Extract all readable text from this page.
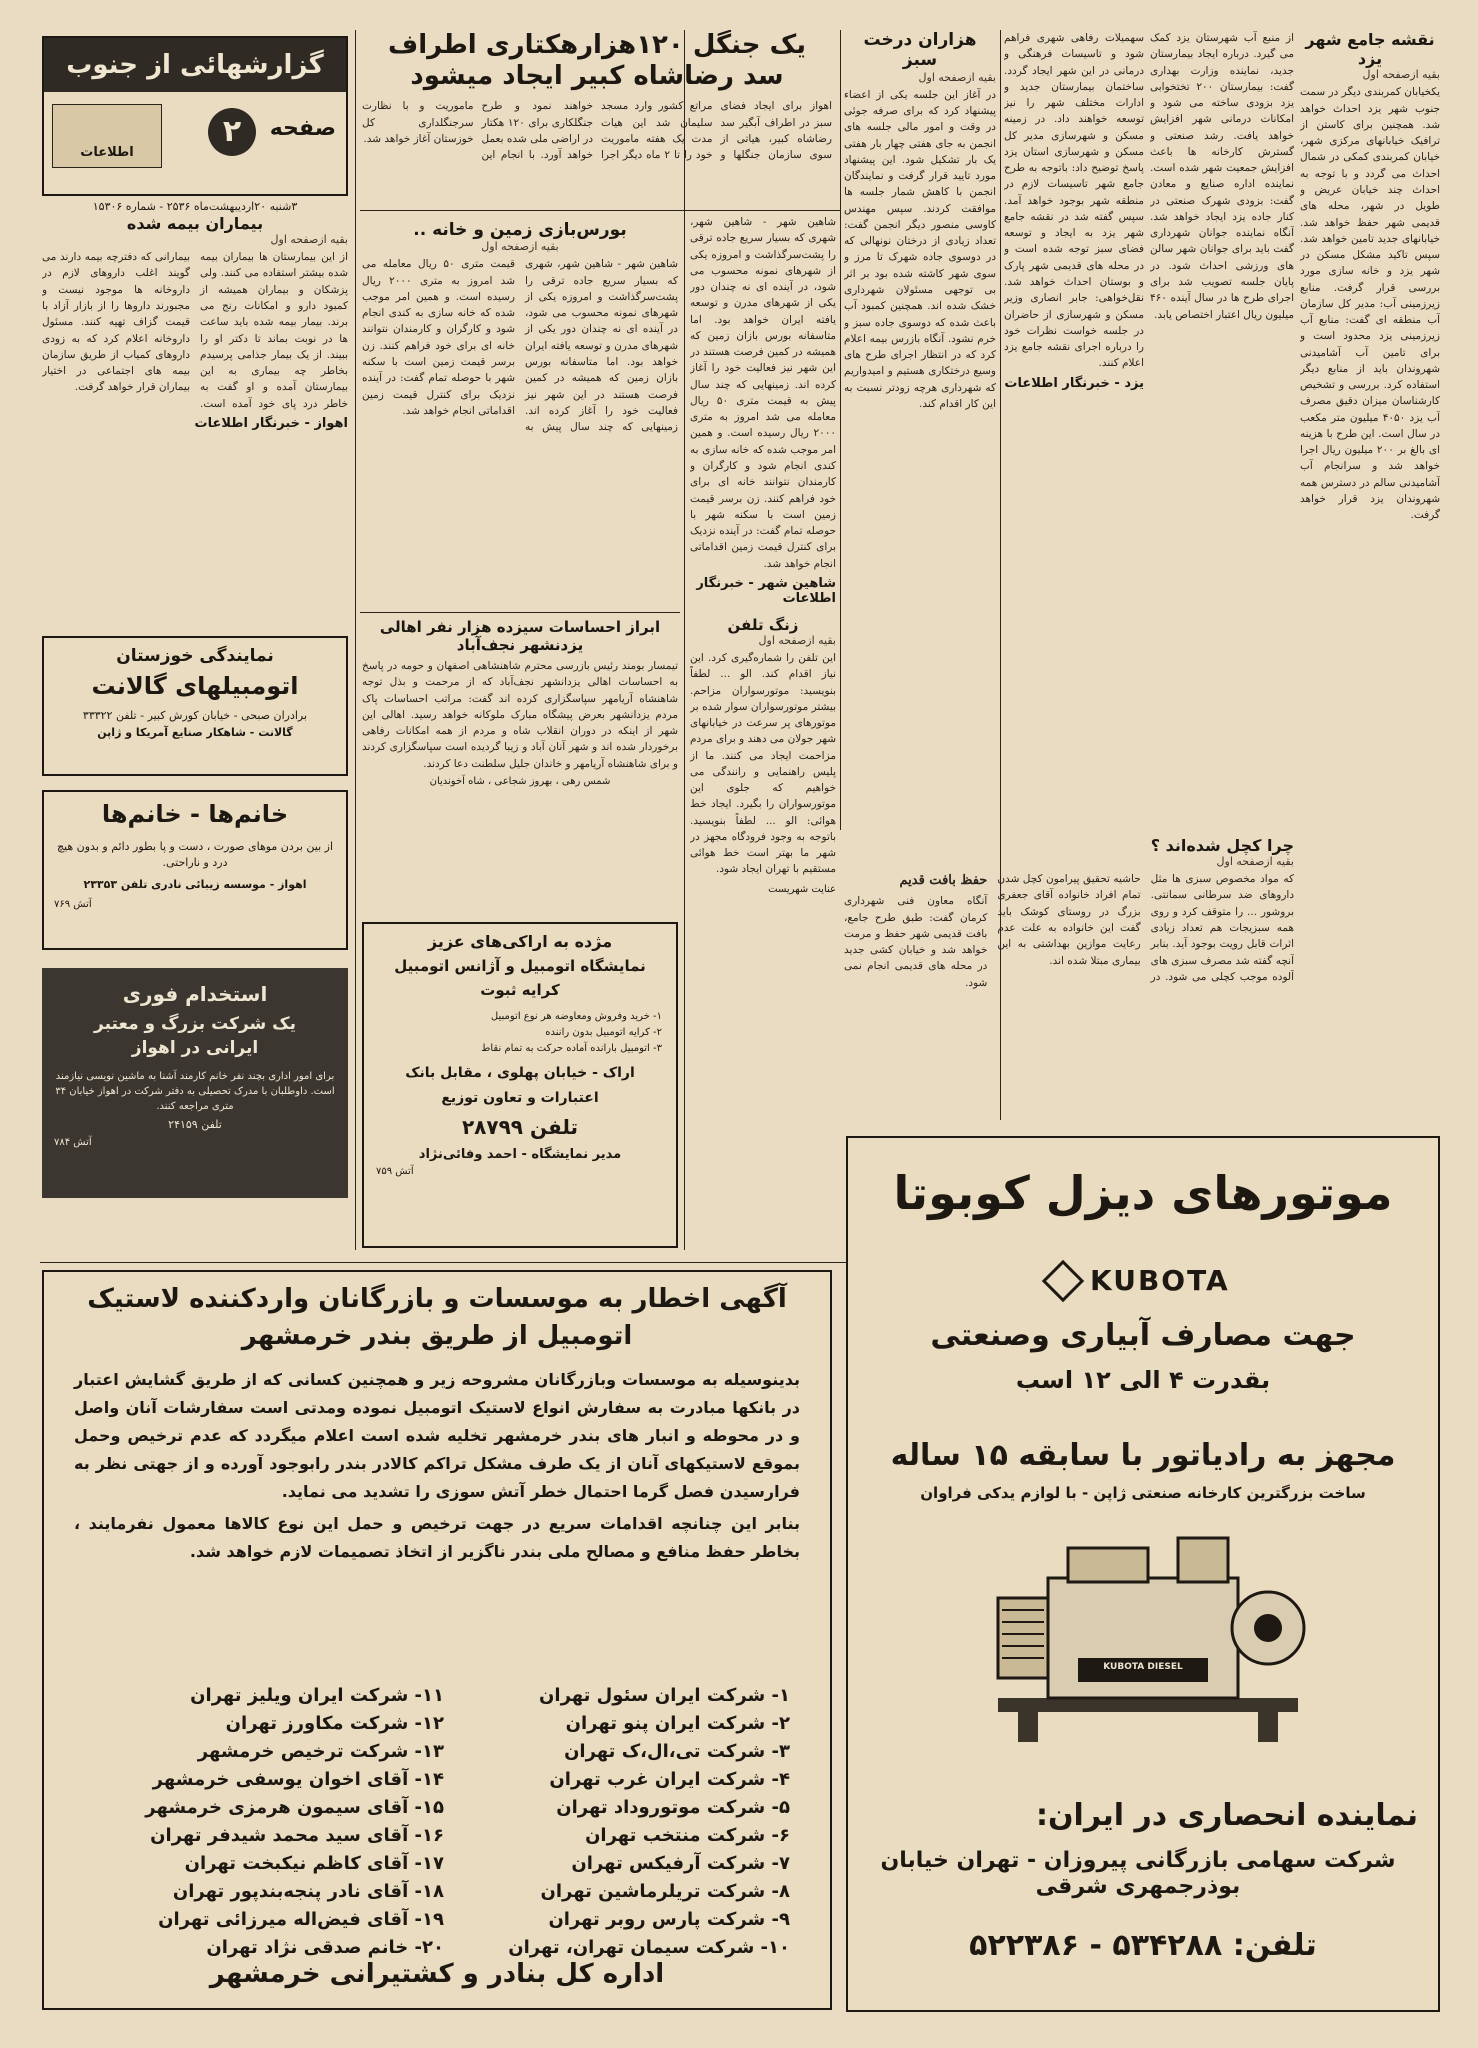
گزارشهائی از جنوب
اطلاعات
۲	صفحه
۳شنبه ۲۰اردیبهشت‌ماه ۲۵۳۶ - شماره ۱۵۳۰۶
یک جنگل ۱۲۰هزارهکتاری اطراف
سد رضاشاه کبیر ایجاد میشود
اهواز برای ایجاد فضای سبز در اطراف آبگیر سد رضاشاه کبیر، هیاتی از سوی سازمان جنگلها و مراتع کشور وارد مسجد سلیمان شد این هیات مدت یک هفته ماموریت خود را تا ۲ ماه دیگر اجرا خواهند نمود و طرح جنگلکاری برای ۱۲۰ هکتار در اراضی ملی شده بعمل خواهد آورد. با انجام این ماموریت و با نظارت سرجنگلداری کل خوزستان آغاز خواهد شد.
هزاران درخت سبز
بقیه ازصفحه اول
در آغاز این جلسه یکی از اعضاء پیشنهاد کرد که برای صرفه جوئی در وقت و امور مالی جلسه های انجمن به جای هفتی چهار بار هفتی یک بار تشکیل شود. این پیشنهاد مورد تایید قرار گرفت و نمایندگان انجمن با کاهش شمار جلسه ها موافقت کردند. سپس مهندس کاوسی منصور دیگر انجمن گفت: تعداد زیادی از درختان نونهالی که در دوسوی جاده شهرک تا مرز و سوی شهر کاشته شده بود بر اثر بی توجهی مسئولان شهرداری خشک شده اند. همچنین کمبود آب باعث شده که دوسوی جاده سبز و خرم نشود. آنگاه بازرس بیمه اعلام کرد که در انتظار اجرای طرح های وسیع درختکاری هستیم و امیدواریم که شهرداری هرچه زودتر نسبت به این کار اقدام کند.
نقشه جامع شهر یزد
بقیه ازصفحه اول
یکخیابان کمربندی دیگر در سمت جنوب شهر یزد احداث خواهد شد. همچنین برای کاستن از ترافیک خیابانهای مرکزی شهر، خیابان کمربندی کمکی در شمال احداث می گردد و با توجه به احداث چند خیابان عریض و طویل در شهر، محله های قدیمی شهر حفظ خواهد شد. خیابانهای جدید تامین خواهد شد. سپس تاکید مشکل مسکن در شهر یزد و خانه سازی مورد بررسی قرار گرفت. منابع زیرزمینی آب: مدیر کل سازمان آب منطقه ای گفت: منابع آب زیرزمینی یزد محدود است و برای تامین آب آشامیدنی شهروندان باید از منابع دیگر استفاده کرد. بررسی و تشخیص کارشناسان میزان دقیق مصرف آب یزد ۴۰۵۰ میلیون متر مکعب در سال است. این طرح با هزینه ای بالغ بر ۲۰۰ میلیون ریال اجرا خواهد شد و سرانجام آب آشامیدنی سالم در دسترس همه شهروندان یزد قرار خواهد گرفت.
از منبع آب شهرستان یزد کمک می گیرد. درباره ایجاد بیمارستان جدید، نماینده وزارت بهداری گفت: بیمارستان ۲۰۰ تختخوابی یزد بزودی ساخته می شود و امکانات درمانی شهر افزایش خواهد یافت. رشد صنعتی و گسترش کارخانه ها باعث افزایش جمعیت شهر شده است. نماینده اداره صنایع و معادن گفت: بزودی شهرک صنعتی در کنار جاده یزد ایجاد خواهد شد. آنگاه نماینده جوانان شهرداری گفت باید برای جوانان شهر سالن های ورزشی احداث شود. در پایان جلسه تصویب شد برای اجرای طرح ها در سال آینده ۴۶۰ میلیون ریال اعتبار اختصاص یابد.
سهمیلات رفاهی شهری فراهم شود و تاسیسات فرهنگی و درمانی در این شهر ایجاد گردد. ساختمان بیمارستان جدید و ادارات مختلف شهر را نیز توسعه خواهند داد. در زمینه مسکن و شهرسازی مدیر کل مسکن و شهرسازی استان یزد پاسخ توضیح داد: باتوجه به طرح جامع شهر تاسیسات لازم در منطقه شهر بوجود خواهد آمد. سپس گفته شد در نقشه جامع شهر یزد به ایجاد و توسعه فضای سبز توجه شده است و در محله های قدیمی شهر پارک و بوستان احداث خواهد شد. نقل‌خواهی: جابر انصاری وزیر مسکن و شهرسازی از حاضران در جلسه خواست نظرات خود را درباره اجرای نقشه جامع یزد اعلام کنند.
یزد - خبرنگار اطلاعات
بورس‌بازی زمین و خانه ..
بقیه ازصفحه اول
شاهین شهر - شاهین شهر، شهری که بسیار سریع جاده ترقی را پشت‌سرگذاشت و امروزه یکی از شهرهای نمونه محسوب می شود، در آینده ای نه چندان دور یکی از شهرهای مدرن و توسعه یافته ایران خواهد بود. اما متاسفانه بورس بازان زمین که همیشه در کمین فرصت هستند در این شهر نیز فعالیت خود را آغاز کرده اند. زمینهایی که چند سال پیش به قیمت متری ۵۰ ریال معامله می شد امروز به متری ۲۰۰۰ ریال رسیده است. و همین امر موجب شده که خانه سازی به کندی انجام شود و کارگران و کارمندان نتوانند خانه ای برای خود فراهم کنند. زن برسر قیمت زمین است با سکنه شهر با حوصله تمام گفت: در آینده نزدیک برای کنترل قیمت زمین اقداماتی انجام خواهد شد.
شاهین شهر - شاهین شهر، شهری که بسیار سریع جاده ترقی را پشت‌سرگذاشت و امروزه یکی از شهرهای نمونه محسوب می شود، در آینده ای نه چندان دور یکی از شهرهای مدرن و توسعه یافته ایران خواهد بود. اما متاسفانه بورس بازان زمین که همیشه در کمین فرصت هستند در این شهر نیز فعالیت خود را آغاز کرده اند. زمینهایی که چند سال پیش به قیمت متری ۵۰ ریال معامله می شد امروز به متری ۲۰۰۰ ریال رسیده است. و همین امر موجب شده که خانه سازی به کندی انجام شود و کارگران و کارمندان نتوانند خانه ای برای خود فراهم کنند. زن برسر قیمت زمین است با سکنه شهر با حوصله تمام گفت: در آینده نزدیک برای کنترل قیمت زمین اقداماتی انجام خواهد شد.
شاهین شهر - خبرنگار اطلاعات
بیماران بیمه شده
بقیه ازصفحه اول
از این بیمارستان ها بیماران بیمه شده بیشتر استفاده می کنند. ولی پزشکان و بیماران همیشه از کمبود دارو و امکانات رنج می برند. بیمار بیمه شده باید ساعت ها در نوبت بماند تا دکتر او را ببیند. از یک بیمار جذامی پرسیدم بخاطر چه بیماری به این بیمارستان آمده و او گفت به خاطر درد پای خود آمده است. بیمارانی که دفترچه بیمه دارند می گویند اغلب داروهای لازم در داروخانه ها موجود نیست و مجبورند داروها را از بازار آزاد با قیمت گزاف تهیه کنند. مسئول داروخانه اعلام کرد که به زودی داروهای کمیاب از طریق سازمان بیمه های اجتماعی در اختیار بیماران قرار خواهد گرفت.
اهواز - خبرنگار اطلاعات
نمایندگی خوزستان
اتومبیلهای گالانت
برادران صبحی - خیابان کورش کبیر - تلفن ۳۳۳۲۲
گالانت - شاهکار صنایع آمریکا و ژاپن
خانم‌ها - خانم‌ها
از بین بردن موهای صورت ، دست و پا بطور دائم و بدون هیچ درد و ناراحتی.
اهواز - موسسه زیبائی نادری تلفن ۲۳۳۵۳
آتش ۷۶۹
استخدام فوری
یک شرکت بزرگ و معتبر
ایرانی در اهواز
برای امور اداری بچند نفر خانم کارمند آشنا به ماشین نویسی نیازمند است. داوطلبان با مدرک تحصیلی به دفتر شرکت در اهواز خیابان ۳۴ متری مراجعه کنند.
تلفن ۲۴۱۵۹
آتش ۷۸۴
ابراز احساسات سیزده هزار نفر اهالی
یزدنشهر نجف‌آباد
تیمسار بومند رئیس بازرسی محترم شاهنشاهی اصفهان و حومه در پاسخ به احساسات اهالی یزدانشهر نجف‌آباد که از مرحمت و بذل توجه شاهنشاه آریامهر سپاسگزاری کرده اند گفت: مراتب احساسات پاک مردم یزدانشهر بعرض پیشگاه مبارک ملوکانه خواهد رسید. اهالی این شهر از اینکه در دوران انقلاب شاه و مردم از همه امکانات رفاهی برخوردار شده اند و شهر آنان آباد و زیبا گردیده است سپاسگزاری کردند و برای شاهنشاه آریامهر و خاندان جلیل سلطنت دعا کردند.
شمس رهی ، بهروز شجاعی ، شاه آخوندیان
مژده به اراکی‌های عزیز
نمایشگاه اتومبیل و آژانس اتومبیل
کرایه ثبوت
۱- خرید وفروش ومعاوضه هر نوع اتومبیل
۲- کرایه اتومبیل بدون راننده
۳- اتومبیل بارانده آماده حرکت به تمام نقاط
اراک - خیابان پهلوی ، مقابل بانک
اعتبارات و تعاون توزیع
تلفن ۲۸۷۹۹
مدیر نمایشگاه - احمد وفائی‌نژاد
آتش ۷۵۹
زنگ تلفن
بقیه ازصفحه اول
این تلفن را شماره‌گیری کرد. این نیاز اقدام کند. الو ... لطفاً بنویسید: موتورسواران مزاحم. بیشتر موتورسواران سوار شده بر موتورهای پر سرعت در خیابانهای شهر جولان می دهند و برای مردم مزاحمت ایجاد می کنند. ما از پلیس راهنمایی و رانندگی می خواهیم که جلوی این موتورسواران را بگیرد. ایجاد خط هوائی: الو ... لطفاً بنویسید. باتوجه به وجود فرودگاه مجهز در شهر ما بهتر است خط هوائی مستقیم با تهران ایجاد شود.
عنایت شهریست
چرا کچل شده‌اند ؟
بقیه ازصفحه اول
که مواد مخصوص سبزی ها مثل داروهای ضد سرطانی سمانتی. بروشور ... را متوقف کرد و روی همه سبزیجات هم تعداد زیادی اثرات قابل رویت بوجود آید. بنابر آنچه گفته شد مصرف سبزی های آلوده موجب کچلی می شود. در حاشیه تحقیق پیرامون کچل شدن تمام افراد خانواده آقای جعفری بزرگ در روستای کوشک باید گفت این خانواده به علت عدم رعایت موازین بهداشتی به این بیماری مبتلا شده اند.
حفظ بافت قدیم
آنگاه معاون فنی شهرداری کرمان گفت: طبق طرح جامع، بافت قدیمی شهر حفظ و مرمت خواهد شد و خیابان کشی جدید در محله های قدیمی انجام نمی شود.
آگهی اخطار به موسسات و بازرگانان واردکننده لاستیک
اتومبیل از طریق بندر خرمشهر
بدینوسیله به موسسات وبازرگانان مشروحه زیر و همچنین کسانی که از طریق گشایش اعتبار در بانکها مبادرت به سفارش انواع لاستیک اتومبیل نموده ومدتی است سفارشات آنان واصل و در محوطه و انبار های بندر خرمشهر تخلیه شده است اعلام میگردد که عدم ترخیص وحمل بموقع لاستیکهای آنان از یک طرف مشکل تراکم کالادر بندر رابوجود آورده و از جهتی نظر به فرارسیدن فصل گرما احتمال خطر آتش سوزی را تشدید می نماید.
بنابر این چنانچه اقدامات سریع در جهت ترخیص و حمل این نوع کالاها معمول نفرمایند ، بخاطر حفظ منافع و مصالح ملی بندر ناگزیر از اتخاذ تصمیمات لازم خواهد شد.
۱- شرکت ایران سئول تهران
۲- شرکت ایران پنو تهران
۳- شرکت تی،ال،ک تهران
۴- شرکت ایران غرب تهران
۵- شرکت موتوروداد تهران
۶- شرکت منتخب تهران
۷- شرکت آرفیکس تهران
۸- شرکت تریلرماشین تهران
۹- شرکت پارس روبر تهران
۱۰- شرکت سیمان تهران، تهران
۱۱- شرکت ایران ویلیز تهران
۱۲- شرکت مکاورز تهران
۱۳- شرکت ترخیص خرمشهر
۱۴- آقای اخوان یوسفی خرمشهر
۱۵- آقای سیمون هرمزی خرمشهر
۱۶- آقای سید محمد شیدفر تهران
۱۷- آقای کاظم نیکبخت تهران
۱۸- آقای نادر پنجه‌بندپور تهران
۱۹- آقای فیض‌اله میرزائی تهران
۲۰- خانم صدقی نژاد تهران
اداره کل بنادر و کشتیرانی خرمشهر
موتورهای دیزل کوبوتا
KUBOTA
جهت مصارف آبیاری وصنعتی
بقدرت ۴ الی ۱۲ اسب
مجهز به رادیاتور با سابقه ۱۵ ساله
ساخت بزرگترین کارخانه صنعتی ژاپن - با لوازم یدکی فراوان
KUBOTA DIESEL
نماینده انحصاری در ایران:
شرکت سهامی بازرگانی پیروزان - تهران خیابان بوذرجمهری شرقی
تلفن: ۵۳۴۲۸۸ - ۵۲۲۳۸۶
